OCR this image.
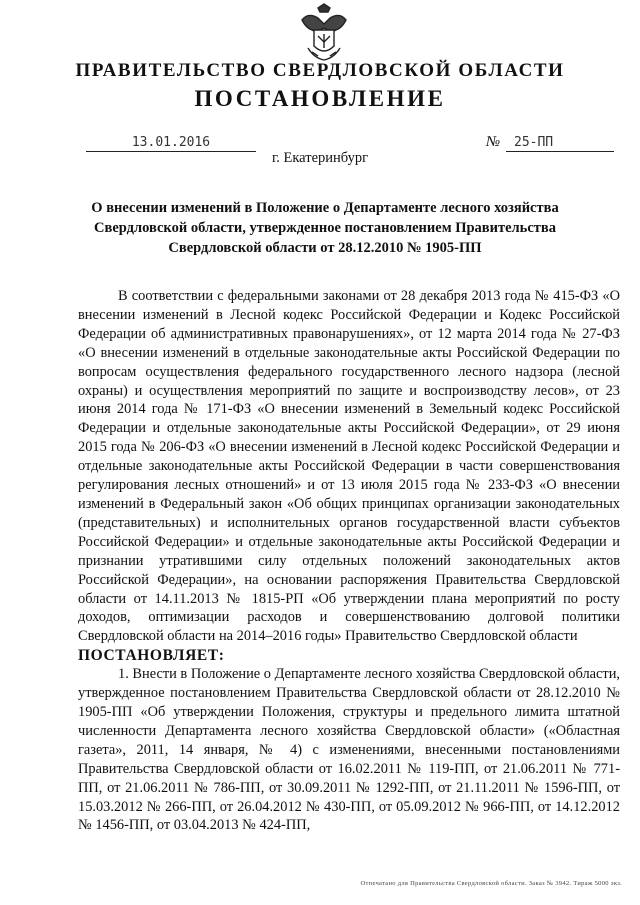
ПРАВИТЕЛЬСТВО СВЕРДЛОВСКОЙ ОБЛАСТИ
ПОСТАНОВЛЕНИЕ
13.01.2016	№	25-ПП
г. Екатеринбург
О внесении изменений в Положение о Департаменте лесного хозяйства Свердловской области, утвержденное постановлением Правительства Свердловской области от 28.12.2010 № 1905-ПП

В соответствии с федеральными законами от 28 декабря 2013 года № 415-ФЗ «О внесении изменений в Лесной кодекс Российской Федерации и Кодекс Российской Федерации об административных правонарушениях», от 12 марта 2014 года № 27-ФЗ «О внесении изменений в отдельные законодательные акты Российской Федерации по вопросам осуществления федерального государственного лесного надзора (лесной охраны) и осуществления мероприятий по защите и воспроизводству лесов», от 23 июня 2014 года № 171-ФЗ «О внесении изменений в Земельный кодекс Российской Федерации и отдельные законодательные акты Российской Федерации», от 29 июня 2015 года № 206-ФЗ «О внесении изменений в Лесной кодекс Российской Федерации и отдельные законодательные акты Российской Федерации в части совершенствования регулирования лесных отношений» и от 13 июля 2015 года № 233-ФЗ «О внесении изменений в Федеральный закон «Об общих принципах организации законодательных (представительных) и исполнительных органов государственной власти субъектов Российской Федерации» и отдельные законодательные акты Российской Федерации и признании утратившими силу отдельных положений законодательных актов Российской Федерации», на основании распоряжения Правительства Свердловской области от 14.11.2013 № 1815-РП «Об утверждении плана мероприятий по росту доходов, оптимизации расходов и совершенствованию долговой политики Свердловской области на 2014–2016 годы» Правительство Свердловской области

ПОСТАНОВЛЯЕТ:

1. Внести в Положение о Департаменте лесного хозяйства Свердловской области, утвержденное постановлением Правительства Свердловской области от 28.12.2010 № 1905-ПП «Об утверждении Положения, структуры и предельного лимита штатной численности Департамента лесного хозяйства Свердловской области» («Областная газета», 2011, 14 января, № 4) с изменениями, внесенными постановлениями Правительства Свердловской области от 16.02.2011 № 119-ПП, от 21.06.2011 № 771-ПП, от 21.06.2011 № 786-ПП, от 30.09.2011 № 1292-ПП, от 21.11.2011 № 1596-ПП, от 15.03.2012 № 266-ПП, от 26.04.2012 № 430-ПП, от 05.09.2012 № 966-ПП, от 14.12.2012 № 1456-ПП, от 03.04.2013 № 424-ПП,

Отпечатано для Правительства Свердловской области. Заказ № 3942. Тираж 5000 экз.
